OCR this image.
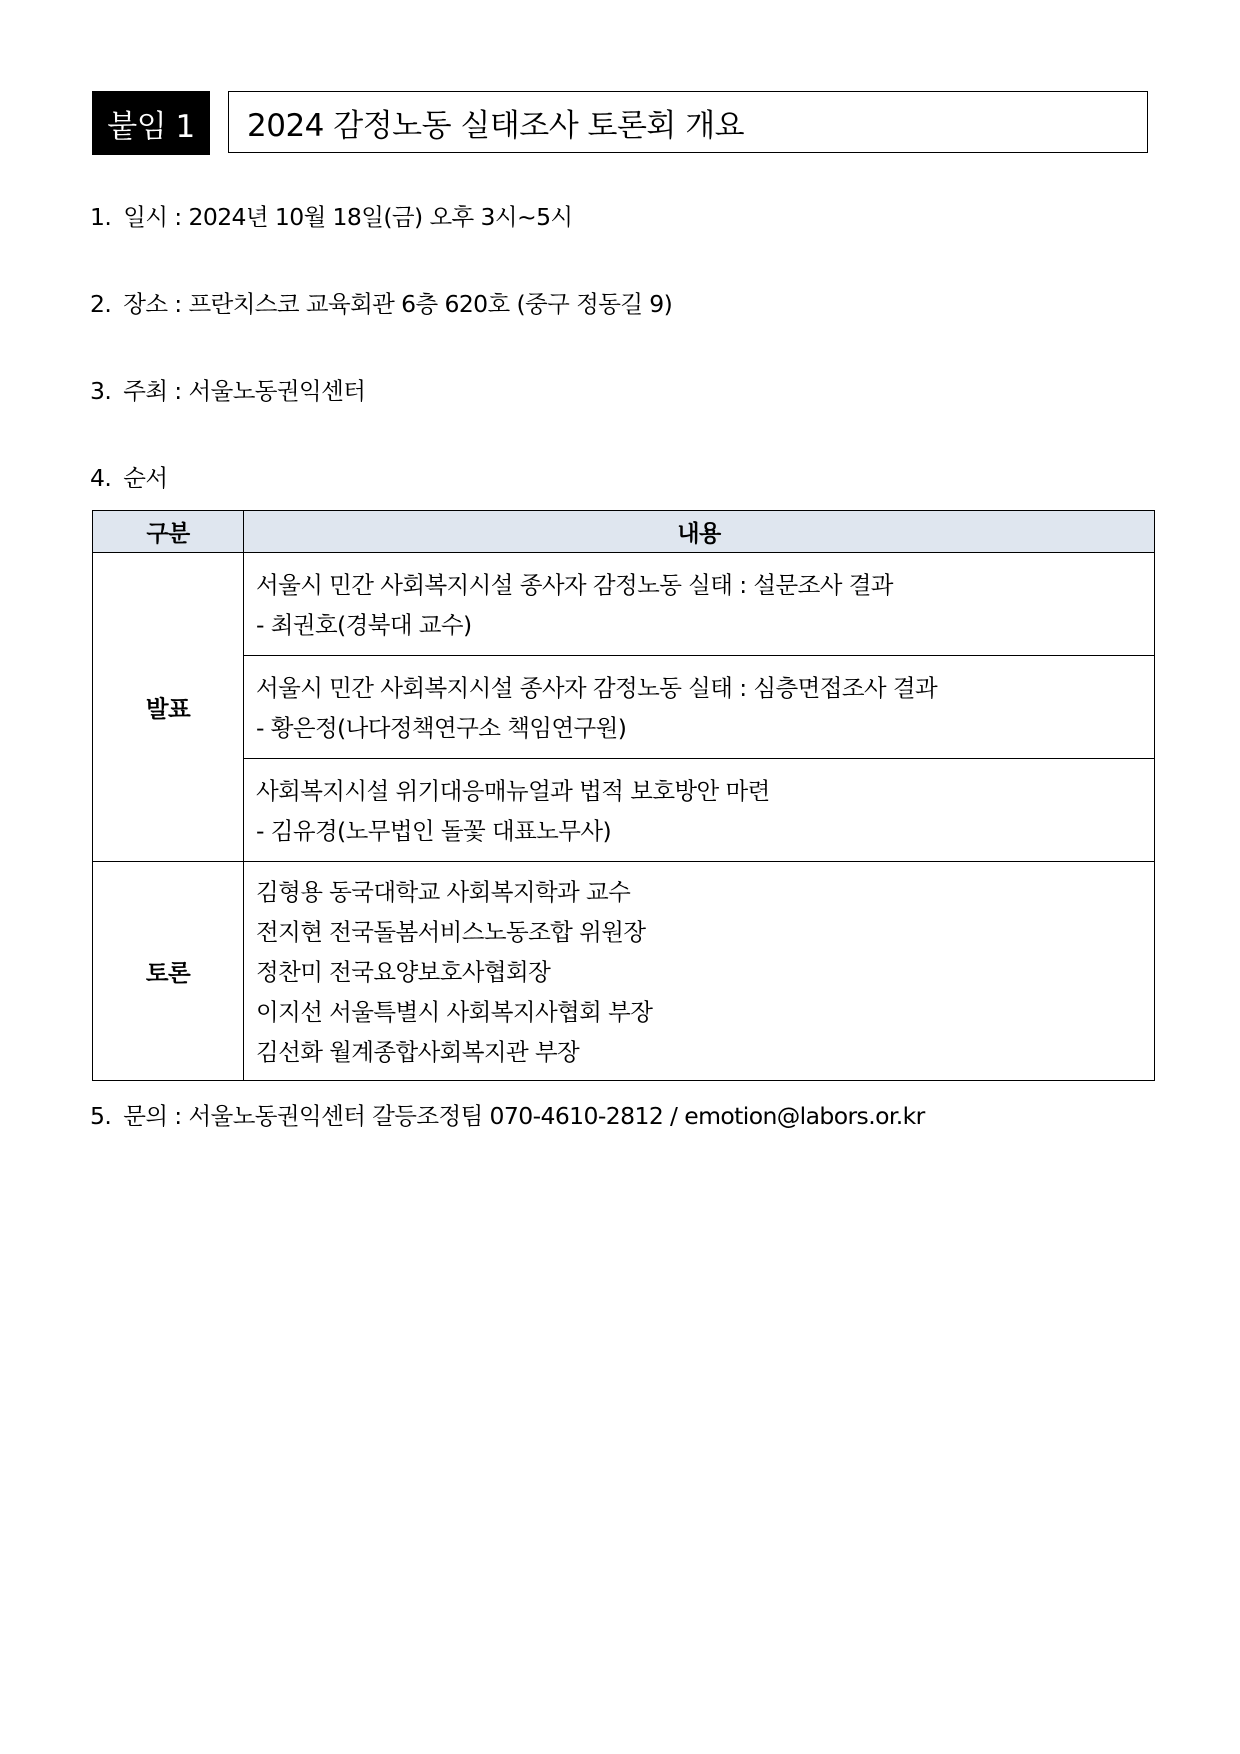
붙임 1	2024 감정노동 실태조사 토론회 개요
1. 일시 : 2024년 10월 18일(금) 오후 3시~5시
2. 장소 : 프란치스코 교육회관 6층 620호 (중구 정동길 9)
3. 주최 : 서울노동권익센터
4. 순서
구분	내용
발표	서울시 민간 사회복지시설 종사자 감정노동 실태 : 설문조사 결과
- 최권호(경북대 교수)

	서울시 민간 사회복지시설 종사자 감정노동 실태 : 심층면접조사 결과
- 황은정(나다정책연구소 책임연구원)

	사회복지시설 위기대응매뉴얼과 법적 보호방안 마련
- 김유경(노무법인 돌꽃 대표노무사)

토론	김형용 동국대학교 사회복지학과 교수
전지현 전국돌봄서비스노동조합 위원장
정찬미 전국요양보호사협회장
이지선 서울특별시 사회복지사협회 부장
김선화 월계종합사회복지관 부장
5. 문의 : 서울노동권익센터 갈등조정팀 070-4610-2812 / emotion@labors.or.kr
